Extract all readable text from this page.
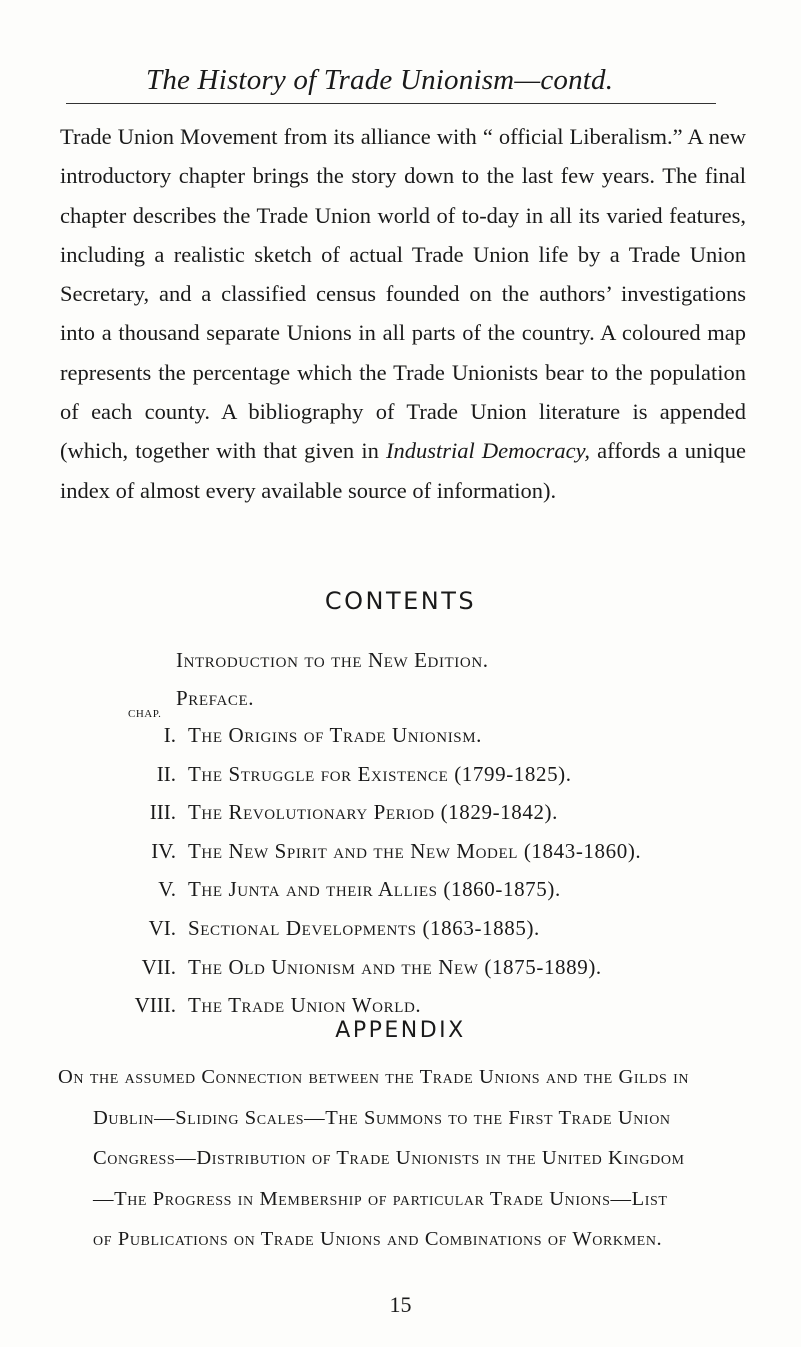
The History of Trade Unionism—contd.

Trade Union Movement from its alliance with “ official Liberalism.” A new introductory chapter brings the story down to the last few years. The final chapter describes the Trade Union world of to-day in all its varied features, including a realistic sketch of actual Trade Union life by a Trade Union Secretary, and a classified census founded on the authors’ investigations into a thousand separate Unions in all parts of the country. A coloured map represents the percentage which the Trade Unionists bear to the population of each county. A bibliography of Trade Union literature is appended (which, together with that given in Industrial Democracy, affords a unique index of almost every available source of information).

CONTENTS
Introduction to the New Edition.
Preface.
CHAP.
I. The Origins of Trade Unionism.
II. The Struggle for Existence (1799-1825).
III. The Revolutionary Period (1829-1842).
IV. The New Spirit and the New Model (1843-1860).
V. The Junta and their Allies (1860-1875).
VI. Sectional Developments (1863-1885).
VII. The Old Unionism and the New (1875-1889).
VIII. The Trade Union World.
APPENDIX
On the assumed Connection between the Trade Unions and the Gilds in
Dublin—Sliding Scales—The Summons to the First Trade Union
Congress—Distribution of Trade Unionists in the United Kingdom
—The Progress in Membership of particular Trade Unions—List
of Publications on Trade Unions and Combinations of Workmen.
15
